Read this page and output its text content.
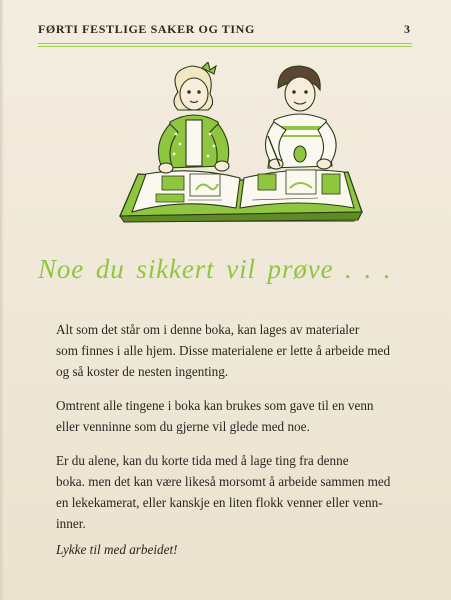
FØRTI FESTLIGE SAKER OG TING	3
Noe du sikkert vil prøve . . .

Alt som det står om i denne boka, kan lages av materialer
som finnes i alle hjem. Disse materialene er lette å arbeide med
og så koster de nesten ingenting.

Omtrent alle tingene i boka kan brukes som gave til en venn
eller venninne som du gjerne vil glede med noe.

Er du alene, kan du korte tida med å lage ting fra denne
boka. men det kan være likeså morsomt å arbeide sammen med
en lekekamerat, eller kanskje en liten flokk venner eller venn-
inner.

Lykke til med arbeidet!
